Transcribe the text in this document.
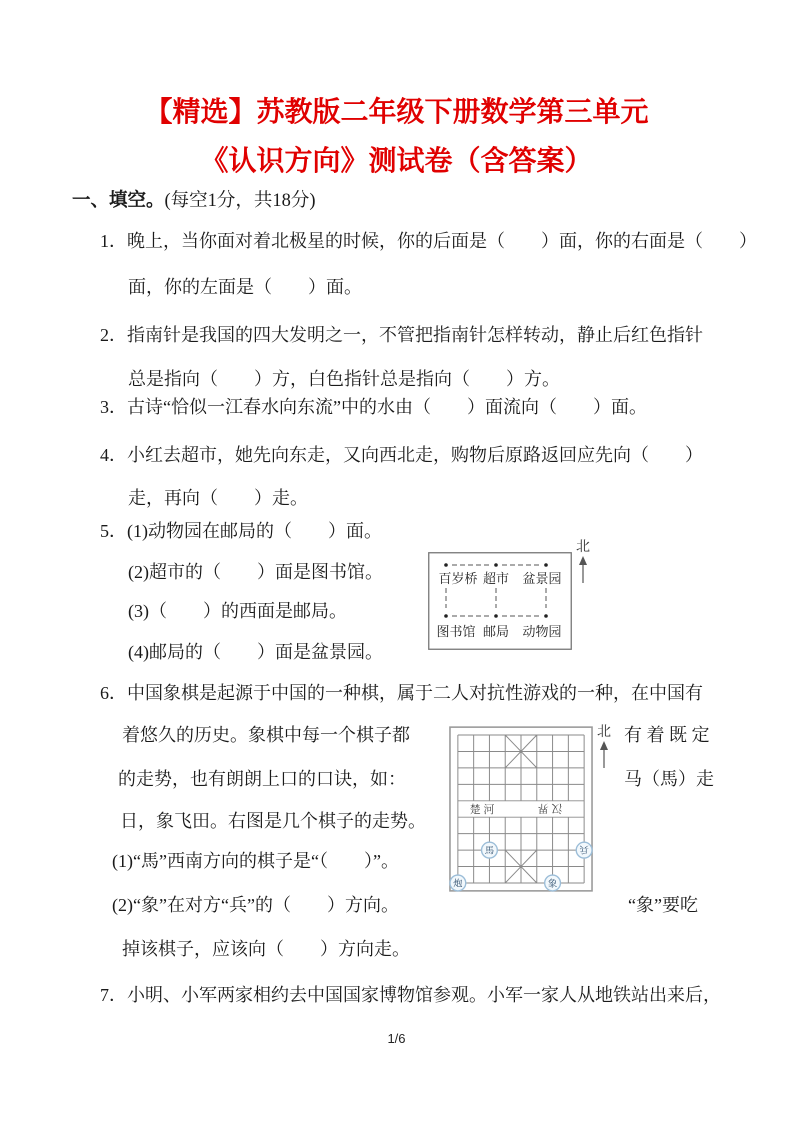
【精选】苏教版二年级下册数学第三单元
《认识方向》测试卷（含答案）
一、填空。(每空1分，共18分)
1．晚上，当你面对着北极星的时候，你的后面是（　　）面，你的右面是（　　）
面，你的左面是（　　）面。
2．指南针是我国的四大发明之一，不管把指南针怎样转动，静止后红色指针
总是指向（　　）方，白色指针总是指向（　　）方。
3．古诗“恰似一江春水向东流”中的水由（　　）面流向（　　）面。
4．小红去超市，她先向东走，又向西北走，购物后原路返回应先向（　　）
走，再向（　　）走。
5．(1)动物园在邮局的（　　）面。
(2)超市的（　　）面是图书馆。
(3)（　　）的西面是邮局。
(4)邮局的（　　）面是盆景园。
百岁桥 超市 盆景园
图书馆 邮局 动物园
北
6．中国象棋是起源于中国的一种棋，属于二人对抗性游戏的一种，在中国有
着悠久的历史。象棋中每一个棋子都
的走势，也有朗朗上口的口诀，如：
日，象飞田。右图是几个棋子的走势。
(1)“馬”西南方向的棋子是“（　　）”。
(2)“象”在对方“兵”的（　　）方向。
有 着 既 定
马（馬）走
“象”要吃
掉该棋子，应该向（　　）方向走。
楚河	汉界
馬	兵
炮	象
北
7．小明、小军两家相约去中国国家博物馆参观。小军一家人从地铁站出来后，
1/6
